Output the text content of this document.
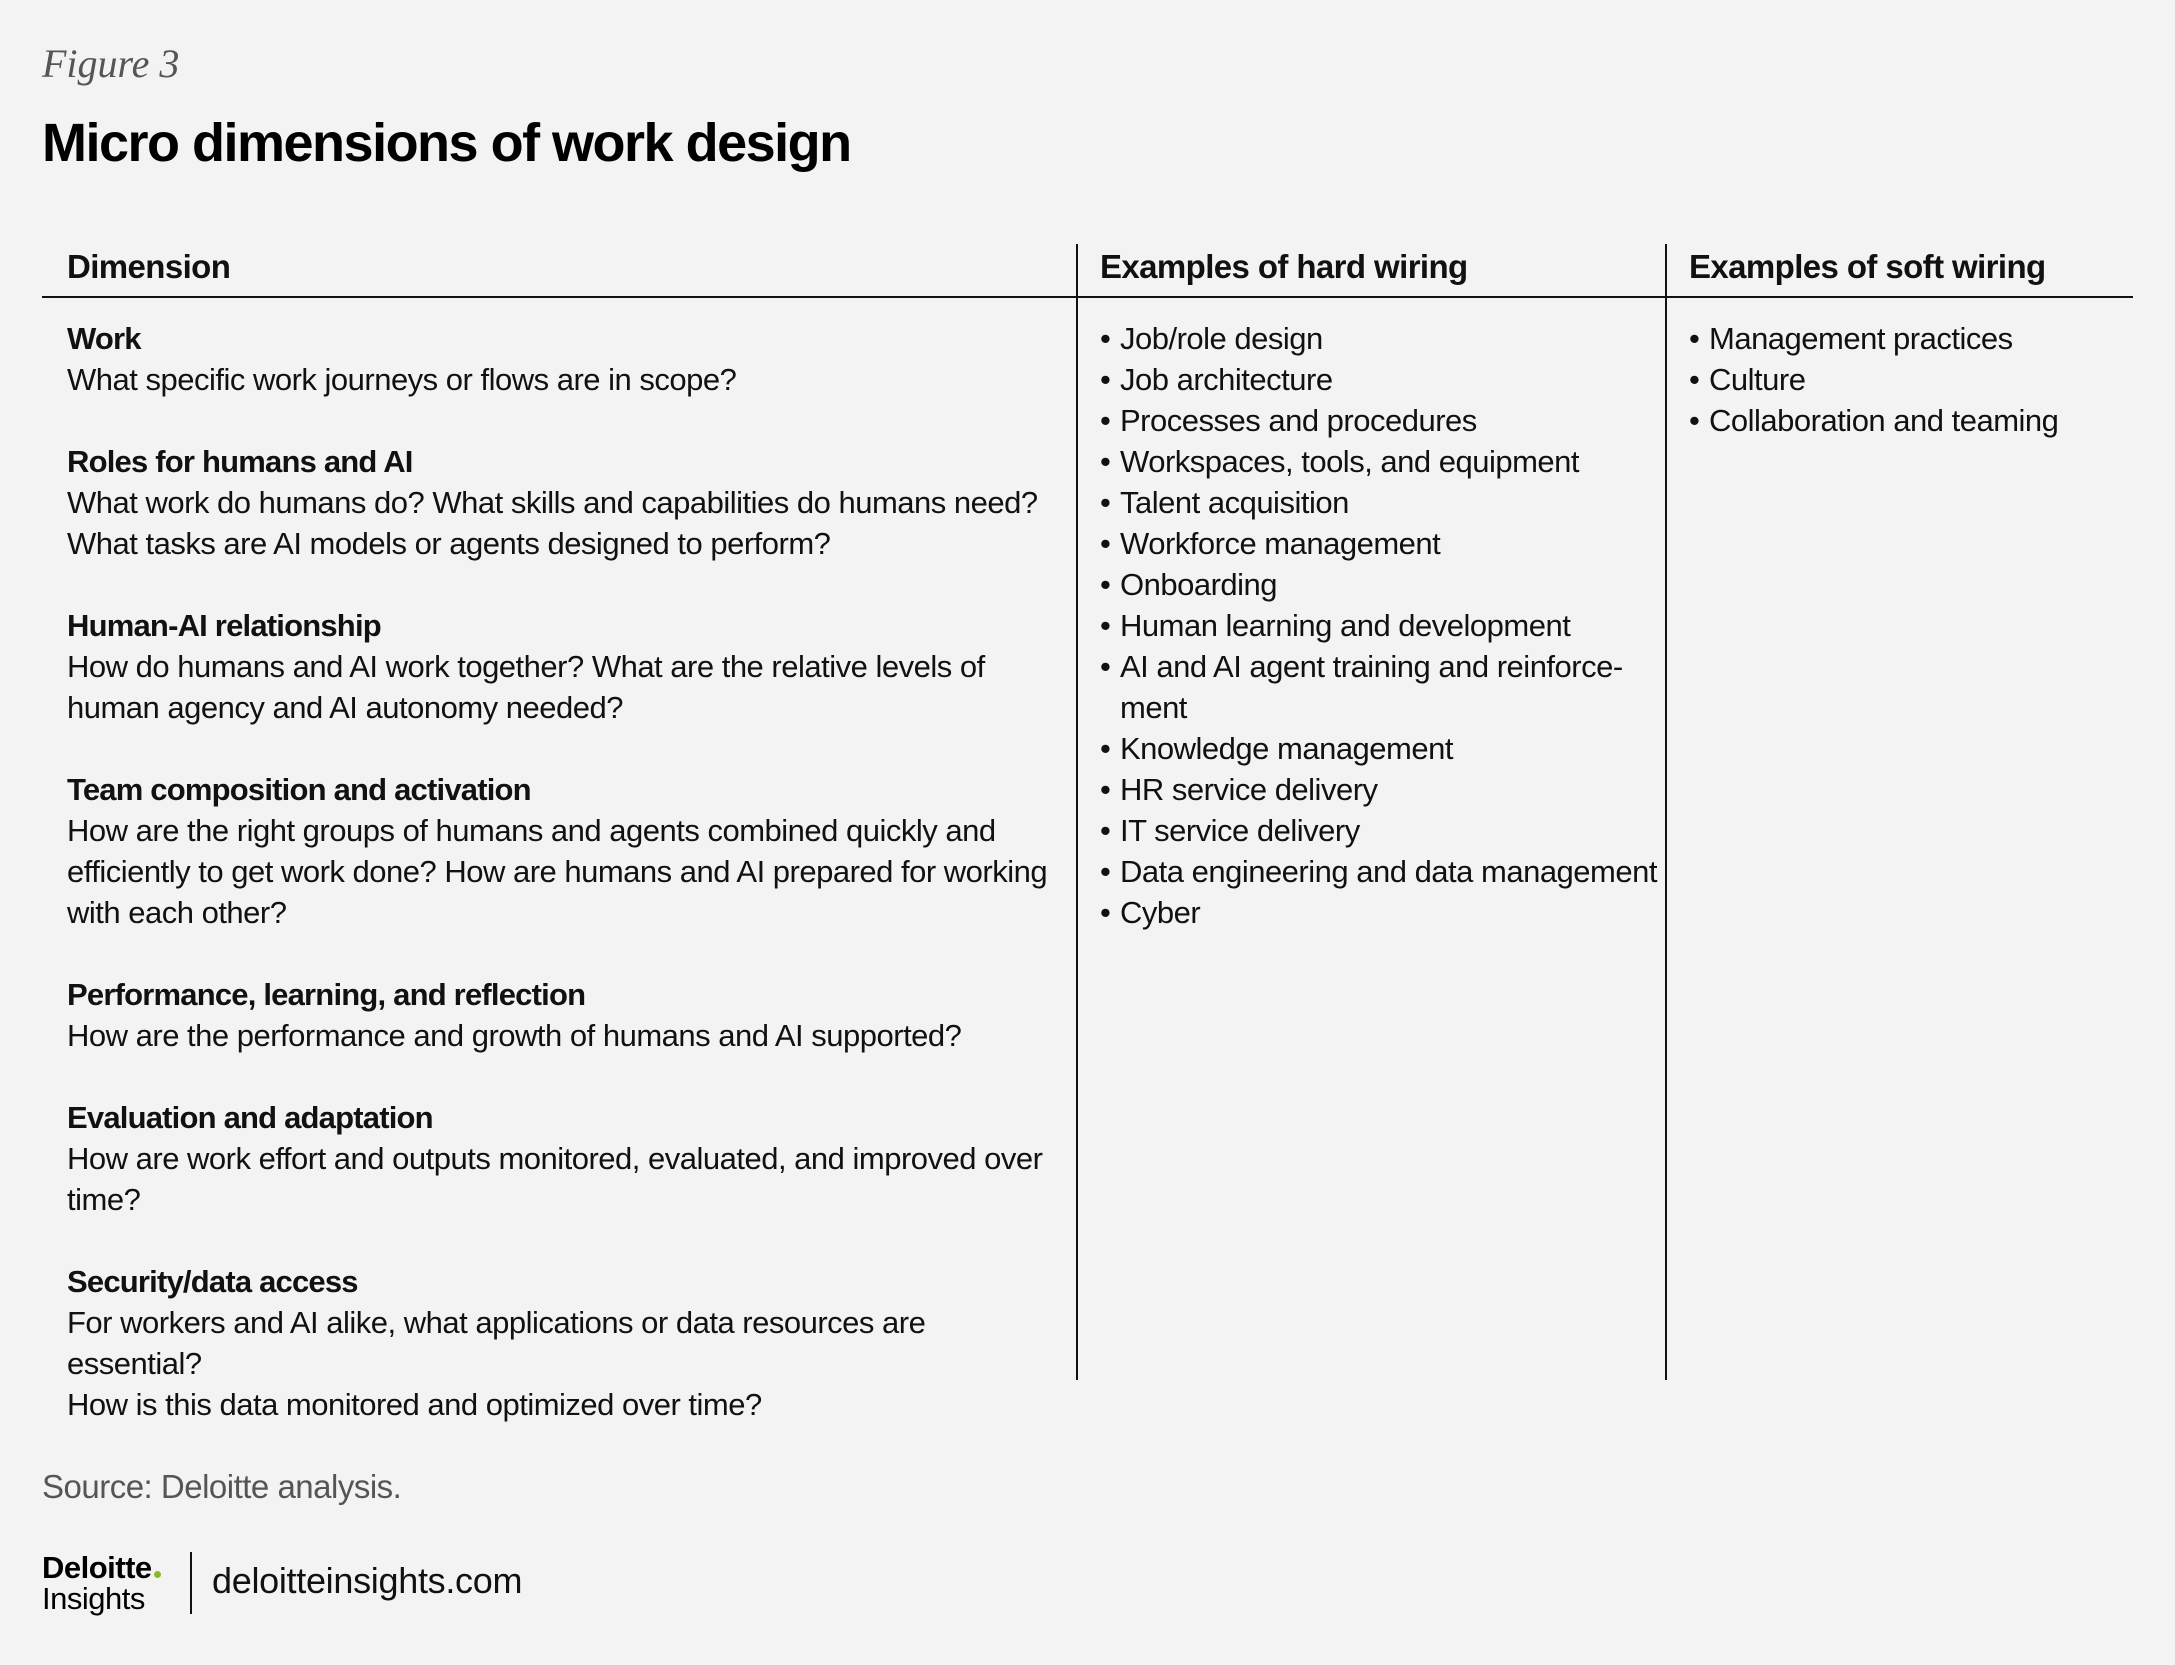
Figure 3
Micro dimensions of work design
Dimension
Work
What specific work journeys or flows are in scope?
Roles for humans and AI
What work do humans do? What skills and capabilities do humans need?
What tasks are AI models or agents designed to perform?
Human-AI relationship
How do humans and AI work together? What are the relative levels of
human agency and AI autonomy needed?
Team composition and activation
How are the right groups of humans and agents combined quickly and
efficiently to get work done? How are humans and AI prepared for working
with each other?
Performance, learning, and reflection
How are the performance and growth of humans and AI supported?
Evaluation and adaptation
How are work effort and outputs monitored, evaluated, and improved over
time?
Security/data access
For workers and AI alike, what applications or data resources are essential?
How is this data monitored and optimized over time?
Examples of hard wiring
• Job/role design
• Job architecture
• Processes and procedures
• Workspaces, tools, and equipment
• Talent acquisition
• Workforce management
• Onboarding
• Human learning and development
• AI and AI agent training and reinforce-
ment
• Knowledge management
• HR service delivery
• IT service delivery
• Data engineering and data management
• Cyber
Examples of soft wiring
• Management practices
• Culture
• Collaboration and teaming
Source: Deloitte analysis.
Deloitte
Insights	deloitteinsights.com
